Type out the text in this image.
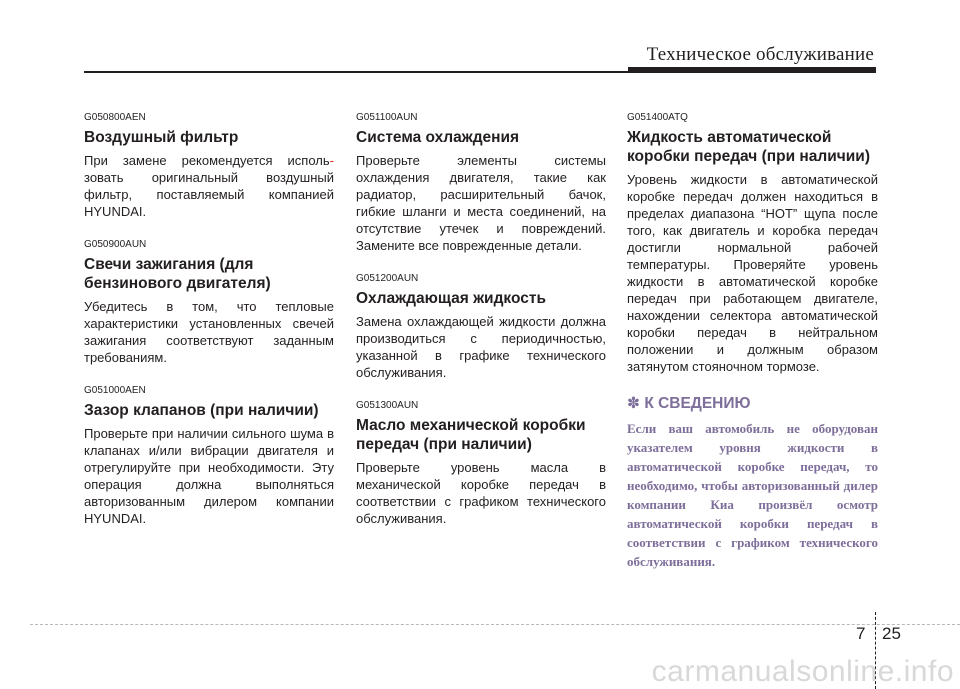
Техническое обслуживание

G050800AEN

Воздушный фильтр

При замене рекомендуется исполь- зовать оригинальный воздушный фильтр, поставляемый компанией HYUNDAI.

G050900AUN

Свечи зажигания (для бензинового двигателя)

Убедитесь в том, что тепловые характеристики установленных свечей зажигания соответствуют заданным требованиям.

G051000AEN

Зазор клапанов (при наличии)

Проверьте при наличии сильного шума в клапанах и/или вибрации двигателя и отрегулируйте при необходимости. Эту операция должна выполняться авторизованным дилером компании HYUNDAI.

G051100AUN

Система охлаждения

Проверьте элементы системы охлаждения двигателя, такие как радиатор, расширительный бачок, гибкие шланги и места соединений, на отсутствие утечек и повреждений. Замените все поврежденные детали.

G051200AUN

Охлаждающая жидкость

Замена охлаждающей жидкости должна производиться с периодичностью, указанной в графике технического обслуживания.

G051300AUN

Масло механической коробки передач (при наличии)

Проверьте уровень масла в механической коробке передач в соответствии с графиком технического обслуживания.

G051400ATQ

Жидкость автоматической коробки передач (при наличии)

Уровень жидкости в автоматической коробке передач должен находиться в пределах диапазона “HOT” щупа после того, как двигатель и коробка передач достигли нормальной рабочей температуры. Проверяйте уровень жидкости в автоматической коробке передач при работающем двигателе, нахождении селектора автоматической коробки передач в нейтральном положении и должным образом затянутом стояночном тормозе.

✽ К СВЕДЕНИЮ

Если ваш автомобиль не оборудован указателем уровня жидкости в автоматической коробке передач, то необходимо, чтобы авторизованный дилер компании Киа произвёл осмотр автоматической коробки передач в соответствии с графиком технического обслуживания.

7 25
carmanualsonline.info
